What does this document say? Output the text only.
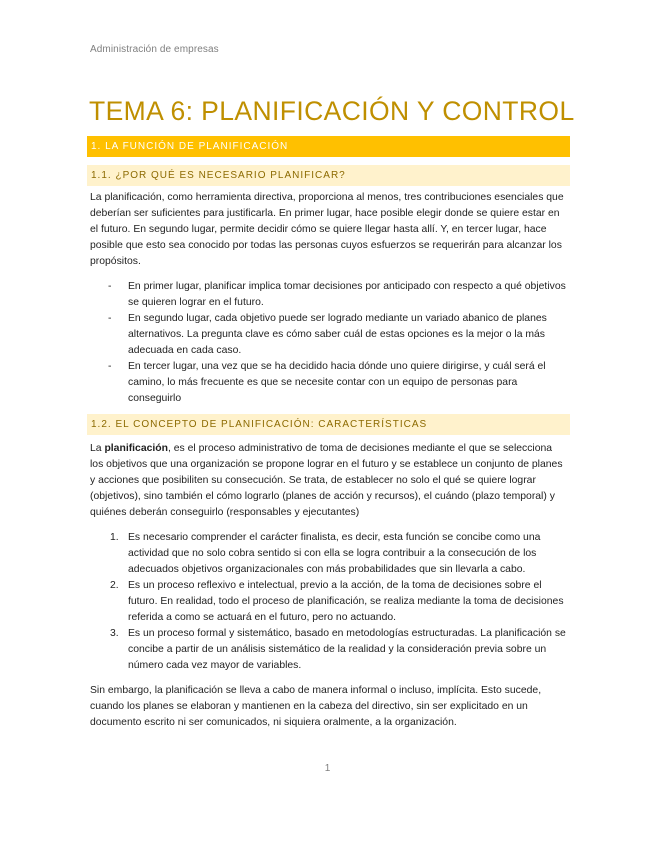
Administración de empresas
TEMA 6: PLANIFICACIÓN Y CONTROL
1. LA FUNCIÓN DE PLANIFICACIÓN
1.1. ¿POR QUÉ ES NECESARIO PLANIFICAR?

La planificación, como herramienta directiva, proporciona al menos, tres contribuciones esenciales que deberían ser suficientes para justificarla. En primer lugar, hace posible elegir donde se quiere estar en el futuro. En segundo lugar, permite decidir cómo se quiere llegar hasta allí. Y, en tercer lugar, hace posible que esto sea conocido por todas las personas cuyos esfuerzos se requerirán para alcanzar los propósitos.

- En primer lugar, planificar implica tomar decisiones por anticipado con respecto a qué objetivos se quieren lograr en el futuro.
- En segundo lugar, cada objetivo puede ser logrado mediante un variado abanico de planes alternativos. La pregunta clave es cómo saber cuál de estas opciones es la mejor o la más adecuada en cada caso.
- En tercer lugar, una vez que se ha decidido hacia dónde uno quiere dirigirse, y cuál será el camino, lo más frecuente es que se necesite contar con un equipo de personas para conseguirlo
1.2. EL CONCEPTO DE PLANIFICACIÓN: CARACTERÍSTICAS

La planificación, es el proceso administrativo de toma de decisiones mediante el que se selecciona los objetivos que una organización se propone lograr en el futuro y se establece un conjunto de planes y acciones que posibiliten su consecución. Se trata, de establecer no solo el qué se quiere lograr (objetivos), sino también el cómo lograrlo (planes de acción y recursos), el cuándo (plazo temporal) y quiénes deberán conseguirlo (responsables y ejecutantes)

1. Es necesario comprender el carácter finalista, es decir, esta función se concibe como una actividad que no solo cobra sentido si con ella se logra contribuir a la consecución de los adecuados objetivos organizacionales con más probabilidades que sin llevarla a cabo.
2. Es un proceso reflexivo e intelectual, previo a la acción, de la toma de decisiones sobre el futuro. En realidad, todo el proceso de planificación, se realiza mediante la toma de decisiones referida a como se actuará en el futuro, pero no actuando.
3. Es un proceso formal y sistemático, basado en metodologías estructuradas. La planificación se concibe a partir de un análisis sistemático de la realidad y la consideración previa sobre un número cada vez mayor de variables.

Sin embargo, la planificación se lleva a cabo de manera informal o incluso, implícita. Esto sucede, cuando los planes se elaboran y mantienen en la cabeza del directivo, sin ser explicitado en un documento escrito ni ser comunicados, ni siquiera oralmente, a la organización.

1
